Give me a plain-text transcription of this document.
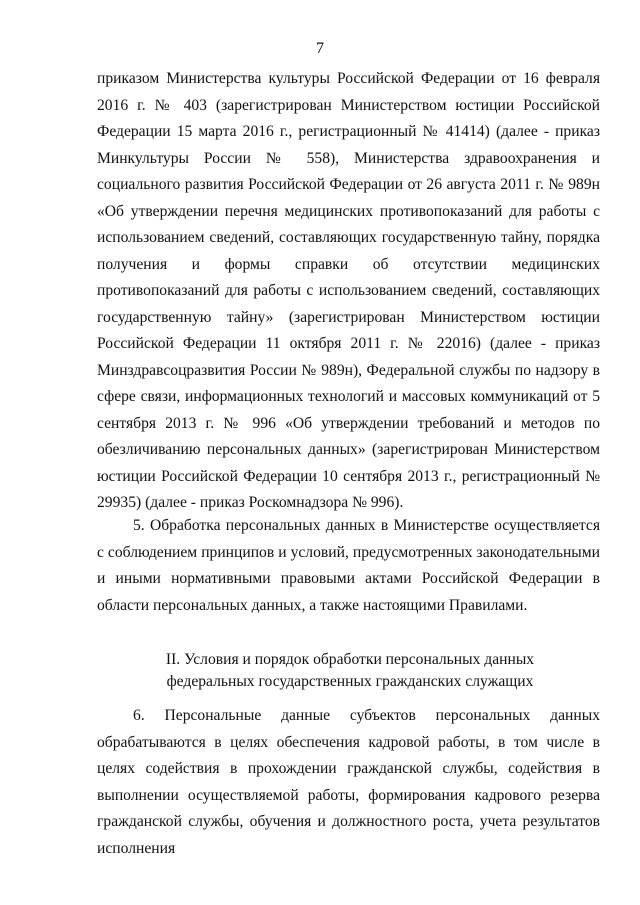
7

приказом Министерства культуры Российской Федерации от 16 февраля 2016 г. № 403 (зарегистрирован Министерством юстиции Российской Федерации 15 марта 2016 г., регистрационный № 41414) (далее - приказ Минкультуры России № 558), Министерства здравоохранения и социального развития Российской Федерации от 26 августа 2011 г. № 989н «Об утверждении перечня медицинских противопоказаний для работы с использованием сведений, составляющих государственную тайну, порядка получения и формы справки об отсутствии медицинских противопоказаний для работы с использованием сведений, составляющих государственную тайну» (зарегистрирован Министерством юстиции Российской Федерации 11 октября 2011 г. № 22016) (далее - приказ Минздравсоцразвития России № 989н), Федеральной службы по надзору в сфере связи, информационных технологий и массовых коммуникаций от 5 сентября 2013 г. № 996 «Об утверждении требований и методов по обезличиванию персональных данных» (зарегистрирован Министерством юстиции Российской Федерации 10 сентября 2013 г., регистрационный № 29935) (далее - приказ Роскомнадзора № 996).

5. Обработка персональных данных в Министерстве осуществляется с соблюдением принципов и условий, предусмотренных законодательными и иными нормативными правовыми актами Российской Федерации в области персональных данных, а также настоящими Правилами.

II. Условия и порядок обработки персональных данных
федеральных государственных гражданских служащих

6. Персональные данные субъектов персональных данных обрабатываются в целях обеспечения кадровой работы, в том числе в целях содействия в прохождении гражданской службы, содействия в выполнении осуществляемой работы, формирования кадрового резерва гражданской службы, обучения и должностного роста, учета результатов исполнения
